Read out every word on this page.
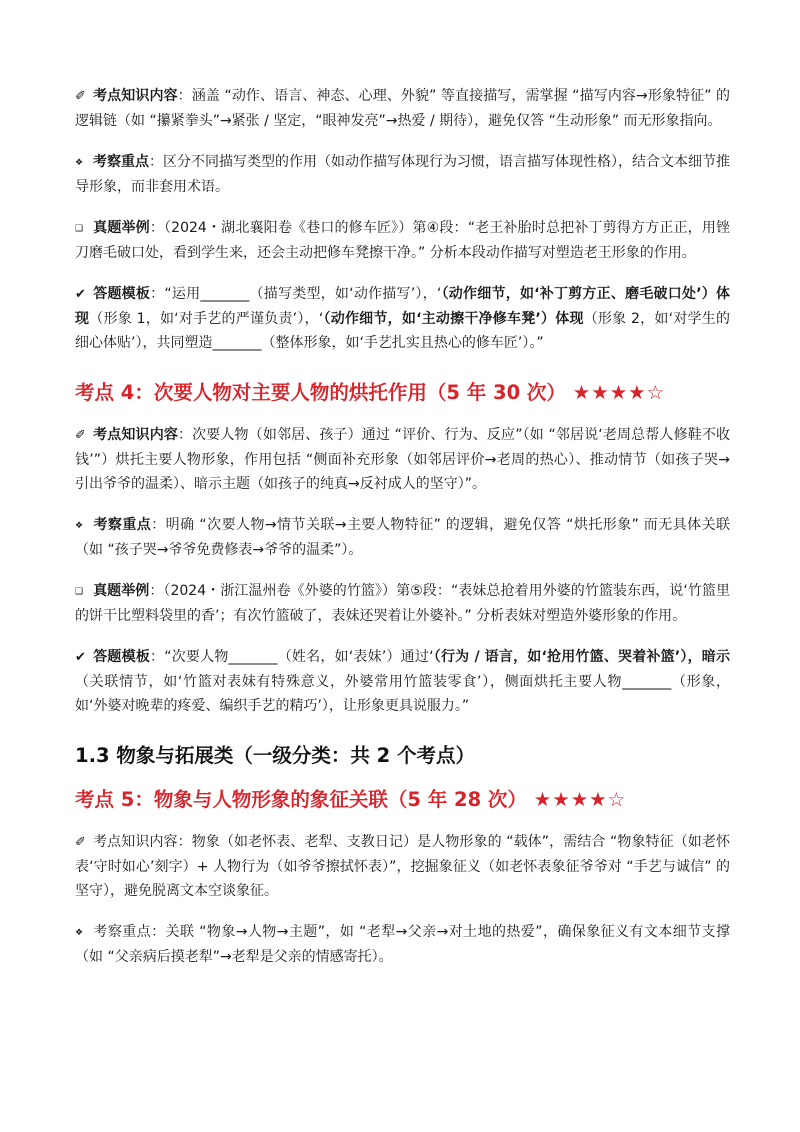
✐ 考点知识内容：涵盖 “动作、语言、神态、心理、外貌” 等直接描写，需掌握 “描写内容→形象特征” 的逻辑链（如 “攥紧拳头”→紧张 / 坚定，“眼神发亮”→热爱 / 期待），避免仅答 “生动形象” 而无形象指向。

❖ 考察重点：区分不同描写类型的作用（如动作描写体现行为习惯，语言描写体现性格），结合文本细节推导形象，而非套用术语。

❑ 真题举例：（2024・湖北襄阳卷《巷口的修车匠》）第④段：“老王补胎时总把补丁剪得方方正正，用锉刀磨毛破口处，看到学生来，还会主动把修车凳擦干净。” 分析本段动作描写对塑造老王形象的作用。

✔ 答题模板：“运用_______（描写类型，如‘动作描写’），‘（动作细节，如‘补丁剪方正、磨毛破口处’）体现（形象 1，如‘对手艺的严谨负责’），‘（动作细节，如‘主动擦干净修车凳’）体现（形象 2，如‘对学生的细心体贴’），共同塑造_______（整体形象，如‘手艺扎实且热心的修车匠’）。”

考点 4：次要人物对主要人物的烘托作用（5 年 30 次） ★★★★☆

✐ 考点知识内容：次要人物（如邻居、孩子）通过 “评价、行为、反应”（如 “邻居说‘老周总帮人修鞋不收钱’”）烘托主要人物形象，作用包括 “侧面补充形象（如邻居评价→老周的热心）、推动情节（如孩子哭→引出爷爷的温柔）、暗示主题（如孩子的纯真→反衬成人的坚守）”。

❖ 考察重点：明确 “次要人物→情节关联→主要人物特征” 的逻辑，避免仅答 “烘托形象” 而无具体关联（如 “孩子哭→爷爷免费修表→爷爷的温柔”）。

❑ 真题举例：（2024・浙江温州卷《外婆的竹篮》）第⑤段：“表妹总抢着用外婆的竹篮装东西，说‘竹篮里的饼干比塑料袋里的香’；有次竹篮破了，表妹还哭着让外婆补。” 分析表妹对塑造外婆形象的作用。

✔ 答题模板：“次要人物_______（姓名，如‘表妹’）通过‘（行为 / 语言，如‘抢用竹篮、哭着补篮’），暗示（关联情节，如‘竹篮对表妹有特殊意义，外婆常用竹篮装零食’），侧面烘托主要人物_______（形象，如‘外婆对晚辈的疼爱、编织手艺的精巧’），让形象更具说服力。”

1.3 物象与拓展类（一级分类：共 2 个考点）
考点 5：物象与人物形象的象征关联（5 年 28 次） ★★★★☆

✐ 考点知识内容：物象（如老怀表、老犁、支教日记）是人物形象的 “载体”，需结合 “物象特征（如老怀表‘守时如心’刻字）+ 人物行为（如爷爷擦拭怀表）”，挖掘象征义（如老怀表象征爷爷对 “手艺与诚信” 的坚守），避免脱离文本空谈象征。

❖ 考察重点：关联 “物象→人物→主题”，如 “老犁→父亲→对土地的热爱”，确保象征义有文本细节支撑（如 “父亲病后摸老犁”→老犁是父亲的情感寄托）。
